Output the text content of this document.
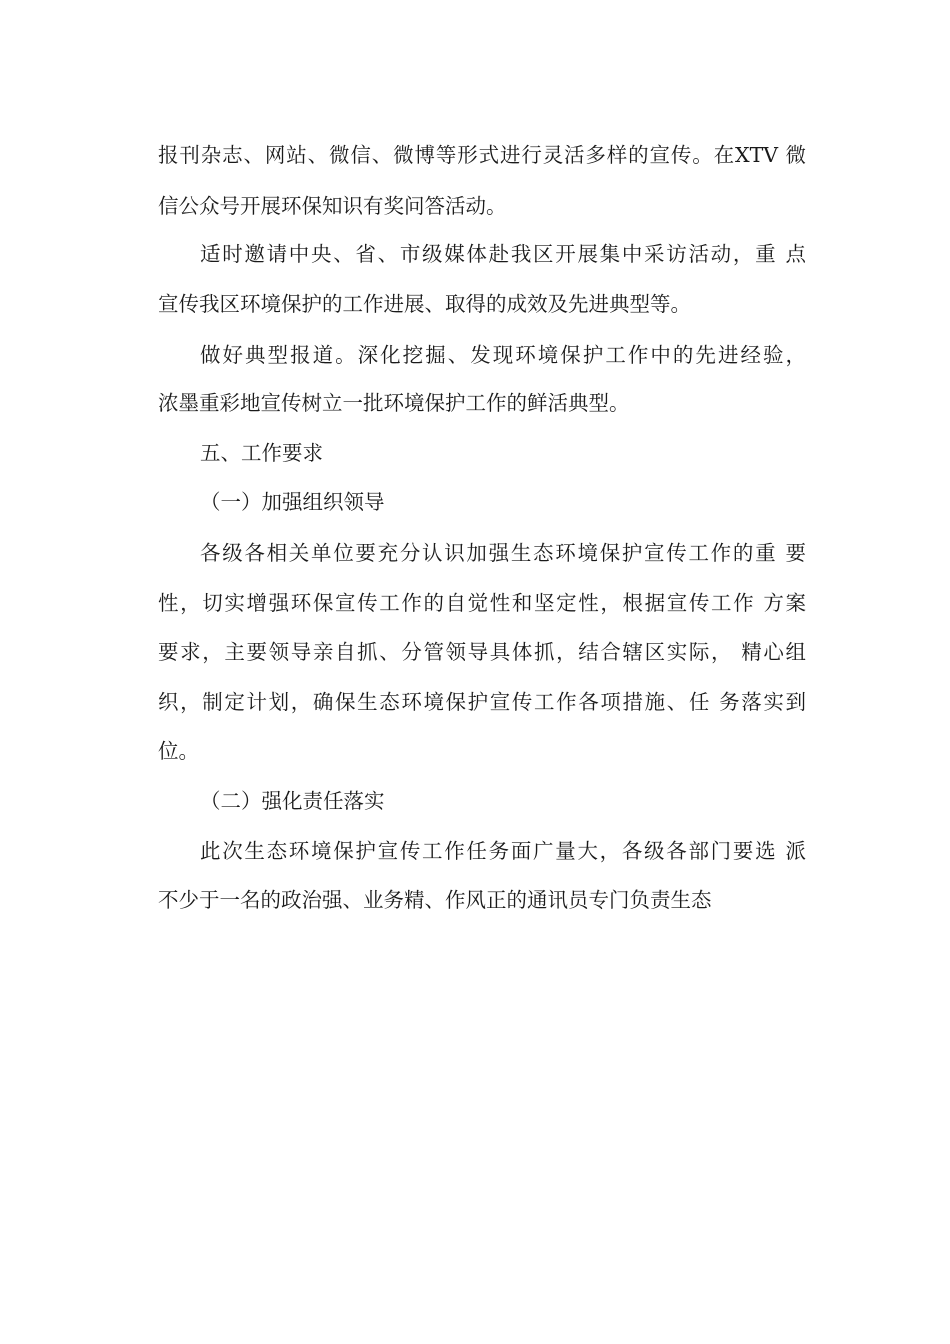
报刊杂志、网站、微信、微博等形式进行灵活多样的宣传。在XTV 微
信公众号开展环保知识有奖问答活动。
适时邀请中央、省、市级媒体赴我区开展集中采访活动，重 点
宣传我区环境保护的工作进展、取得的成效及先进典型等。
做好典型报道。深化挖掘、发现环境保护工作中的先进经验，
浓墨重彩地宣传树立一批环境保护工作的鲜活典型。
五、工作要求
（一）加强组织领导
各级各相关单位要充分认识加强生态环境保护宣传工作的重 要
性，切实增强环保宣传工作的自觉性和坚定性，根据宣传工作 方案
要求，主要领导亲自抓、分管领导具体抓，结合辖区实际， 精心组
织，制定计划，确保生态环境保护宣传工作各项措施、任 务落实到
位。
（二）强化责任落实
此次生态环境保护宣传工作任务面广量大，各级各部门要选 派
不少于一名的政治强、业务精、作风正的通讯员专门负责生态
